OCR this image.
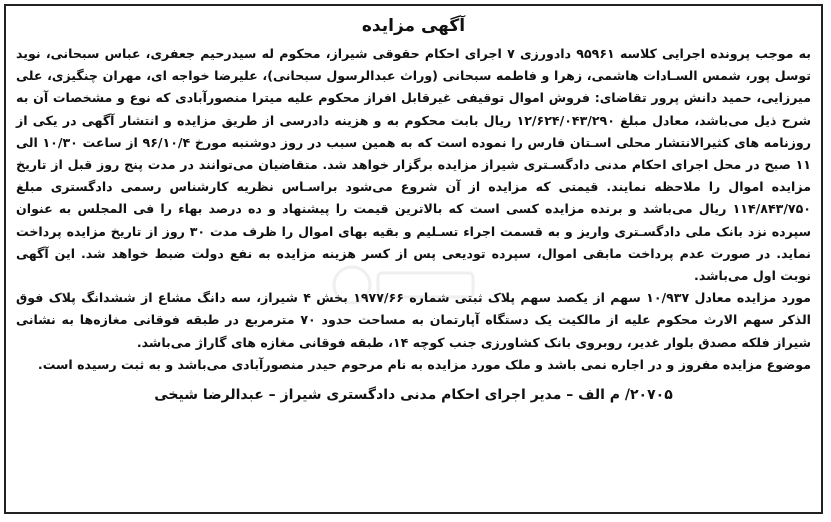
آگهی مزایده

به موجب پرونده اجرایی کلاسه ۹۵۹۶۱ دادورزی ۷ اجرای احکام حقوقی شیراز، محکوم له سیدرحیم جعفری، عباس سبحانی، نوید توسل پور، شمس السـادات هاشمی، زهرا و فاطمه سبحانی (وراث عبدالرسول سبحانی)، علیرضا خواجه ای، مهران چنگیزی، علی میرزایی، حمید دانش پرور تقاضای: فروش اموال توقیفی غیرقابل افراز محکوم علیه میترا منصورآبادی که نوع و مشخصات آن به شرح ذیل می‌باشد، معادل مبلغ ۱۲/۶۲۴/۰۴۳/۲۹۰ ریال بابت محکوم به و هزینه دادرسی از طریق مزایده و انتشار آگهی در یکی از روزنامه های کثیرالانتشار محلی اسـتان فارس را نموده است که به همین سبب در روز دوشنبه مورخ ۹۶/۱۰/۴ از ساعت ۱۰/۳۰ الی ۱۱ صبح در محل اجرای احکام مدنی دادگسـتری شیراز مزایده برگزار خواهد شد. متقاضیان می‌توانند در مدت پنج روز قبل از تاریخ مزایده اموال را ملاحظه نمایند. قیمتی که مزایده از آن شروع می‌شود براسـاس نظریه کارشناس رسمی دادگستری مبلغ ۱۱۴/۸۴۳/۷۵۰ ریال می‌باشد و برنده مزایده کسی است که بالاترین قیمت را پیشنهاد و ده درصد بهاء را فی المجلس به عنوان سپرده نزد بانک ملی دادگسـتری واریز و به قسمت اجراء تسـلیم و بقیه بهای اموال را ظرف مدت ۳۰ روز از تاریخ مزایده پرداخت نماید. در صورت عدم پرداخت مابقی اموال، سپرده تودیعی پس از کسر هزینه مزایده به نفع دولت ضبط خواهد شد. این آگهی نوبت اول می‌باشد.

مورد مزایده معادل ۱۰/۹۳۷ سهم از یکصد سهم پلاک ثبتی شماره ۱۹۷۷/۶۶ بخش ۴ شیراز، سه دانگ مشاع از ششدانگ پلاک فوق الذکر سهم الارث محکوم علیه از مالکیت یک دستگاه آپارتمان به مساحت حدود ۷۰ مترمربع در طبقه فوقانی مغازه‌ها به نشانی شیراز فلکه مصدق بلوار غدیر، روبروی بانک کشاورزی جنب کوچه ۱۴، طبقه فوقانی مغازه های گاراژ می‌باشد.

موضوع مزایده مفروز و در اجاره نمی باشد و ملک مورد مزایده به نام مرحوم حیدر منصورآبادی می‌باشد و به ثبت رسیده است.

۲۰۷۰۵/ م الف – مدیر اجرای احکام مدنی دادگستری شیراز – عبدالرضا شیخی
